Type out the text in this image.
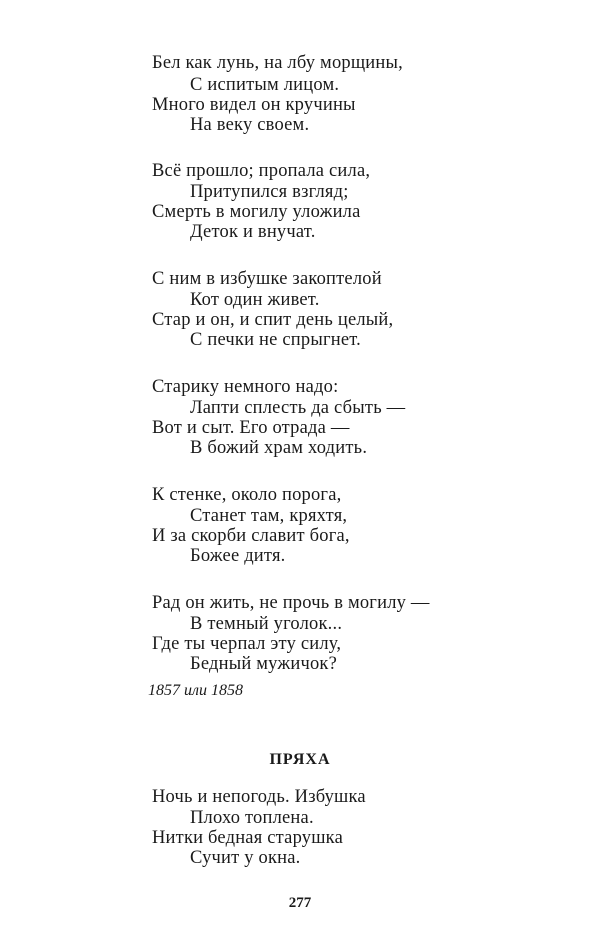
Бел как лунь, на лбу морщины,
С испитым лицом.
Много видел он кручины
На веку своем.
Всё прошло; пропала сила,
Притупился взгляд;
Смерть в могилу уложила
Деток и внучат.
С ним в избушке закоптелой
Кот один живет.
Стар и он, и спит день целый,
С печки не спрыгнет.
Старику немного надо:
Лапти сплесть да сбыть —
Вот и сыт. Его отрада —
В божий храм ходить.
К стенке, около порога,
Станет там, кряхтя,
И за скорби славит бога,
Божее дитя.
Рад он жить, не прочь в могилу —
В темный уголок...
Где ты черпал эту силу,
Бедный мужичок?
1857 или 1858
ПРЯХА
Ночь и непогодь. Избушка
Плохо топлена.
Нитки бедная старушка
Сучит у окна.
277
